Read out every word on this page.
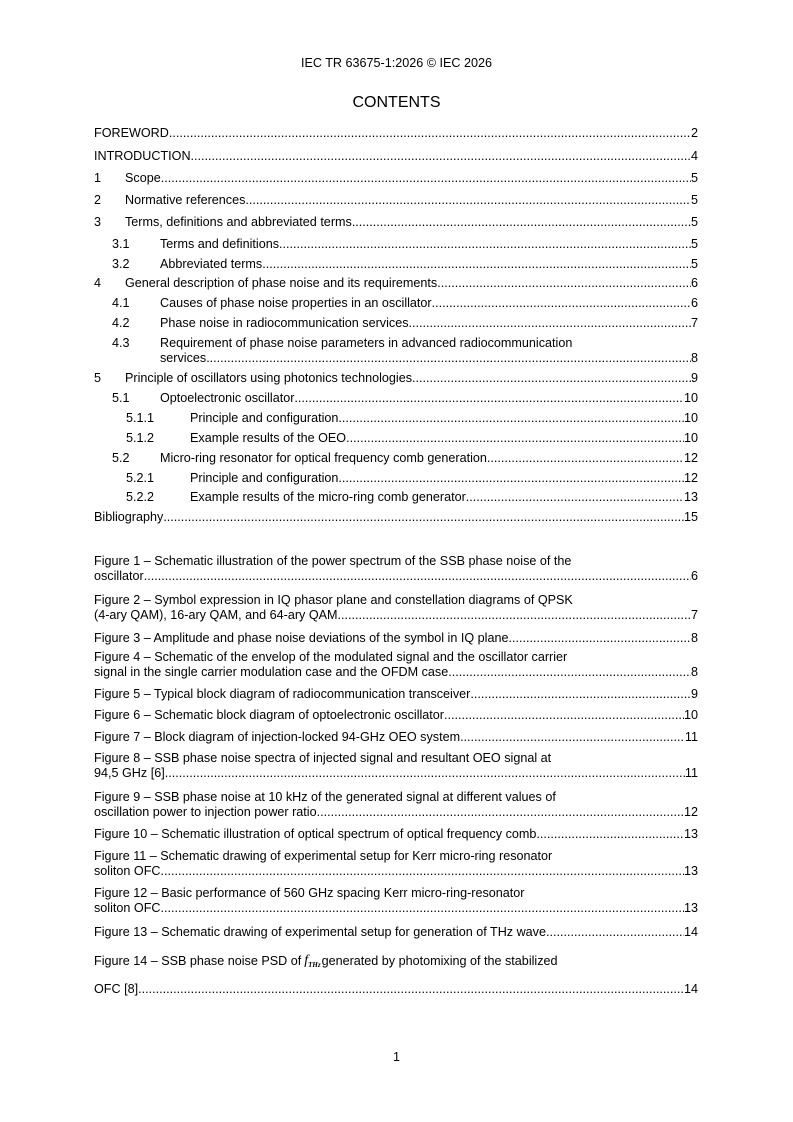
IEC TR 63675-1:2026 © IEC 2026
CONTENTS
FOREWORD .....	2
INTRODUCTION .....	4
1	Scope .....	5
2	Normative references .....	5
3	Terms, definitions and abbreviated terms .....	5
3.1	Terms and definitions .....	5
3.2	Abbreviated terms .....	5
4	General description of phase noise and its requirements .....	6
4.1	Causes of phase noise properties in an oscillator .....	6
4.2	Phase noise in radiocommunication services .....	7
4.3	Requirement of phase noise parameters in advanced radiocommunication
services .....	8
5	Principle of oscillators using photonics technologies .....	9
5.1	Optoelectronic oscillator .....	10
5.1.1	Principle and configuration .....	10
5.1.2	Example results of the OEO .....	10
5.2	Micro-ring resonator for optical frequency comb generation .....	12
5.2.1	Principle and configuration .....	12
5.2.2	Example results of the micro-ring comb generator .....	13
Bibliography .....	15
Figure 1 – Schematic illustration of the power spectrum of the SSB phase noise of the
oscillator .....	6
Figure 2 – Symbol expression in IQ phasor plane and constellation diagrams of QPSK
(4-ary QAM), 16-ary QAM, and 64-ary QAM .....	7
Figure 3 – Amplitude and phase noise deviations of the symbol in IQ plane .....	8
Figure 4 – Schematic of the envelop of the modulated signal and the oscillator carrier
signal in the single carrier modulation case and the OFDM case .....	8
Figure 5 – Typical block diagram of radiocommunication transceiver .....	9
Figure 6 – Schematic block diagram of optoelectronic oscillator .....	10
Figure 7 – Block diagram of injection-locked 94-GHz OEO system .....	11
Figure 8 – SSB phase noise spectra of injected signal and resultant OEO signal at
94,5 GHz [6] .....	11
Figure 9 – SSB phase noise at 10 kHz of the generated signal at different values of
oscillation power to injection power ratio .....	12
Figure 10 – Schematic illustration of optical spectrum of optical frequency comb .....	13
Figure 11 – Schematic drawing of experimental setup for Kerr micro-ring resonator
soliton OFC .....	13
Figure 12 – Basic performance of 560 GHz spacing Kerr micro-ring-resonator
soliton OFC .....	13
Figure 13 – Schematic drawing of experimental setup for generation of THz wave .....	14
Figure 14 – SSB phase noise PSD of $f_{THz}$ generated by photomixing of the stabilized
OFC [8] .....	14
1
